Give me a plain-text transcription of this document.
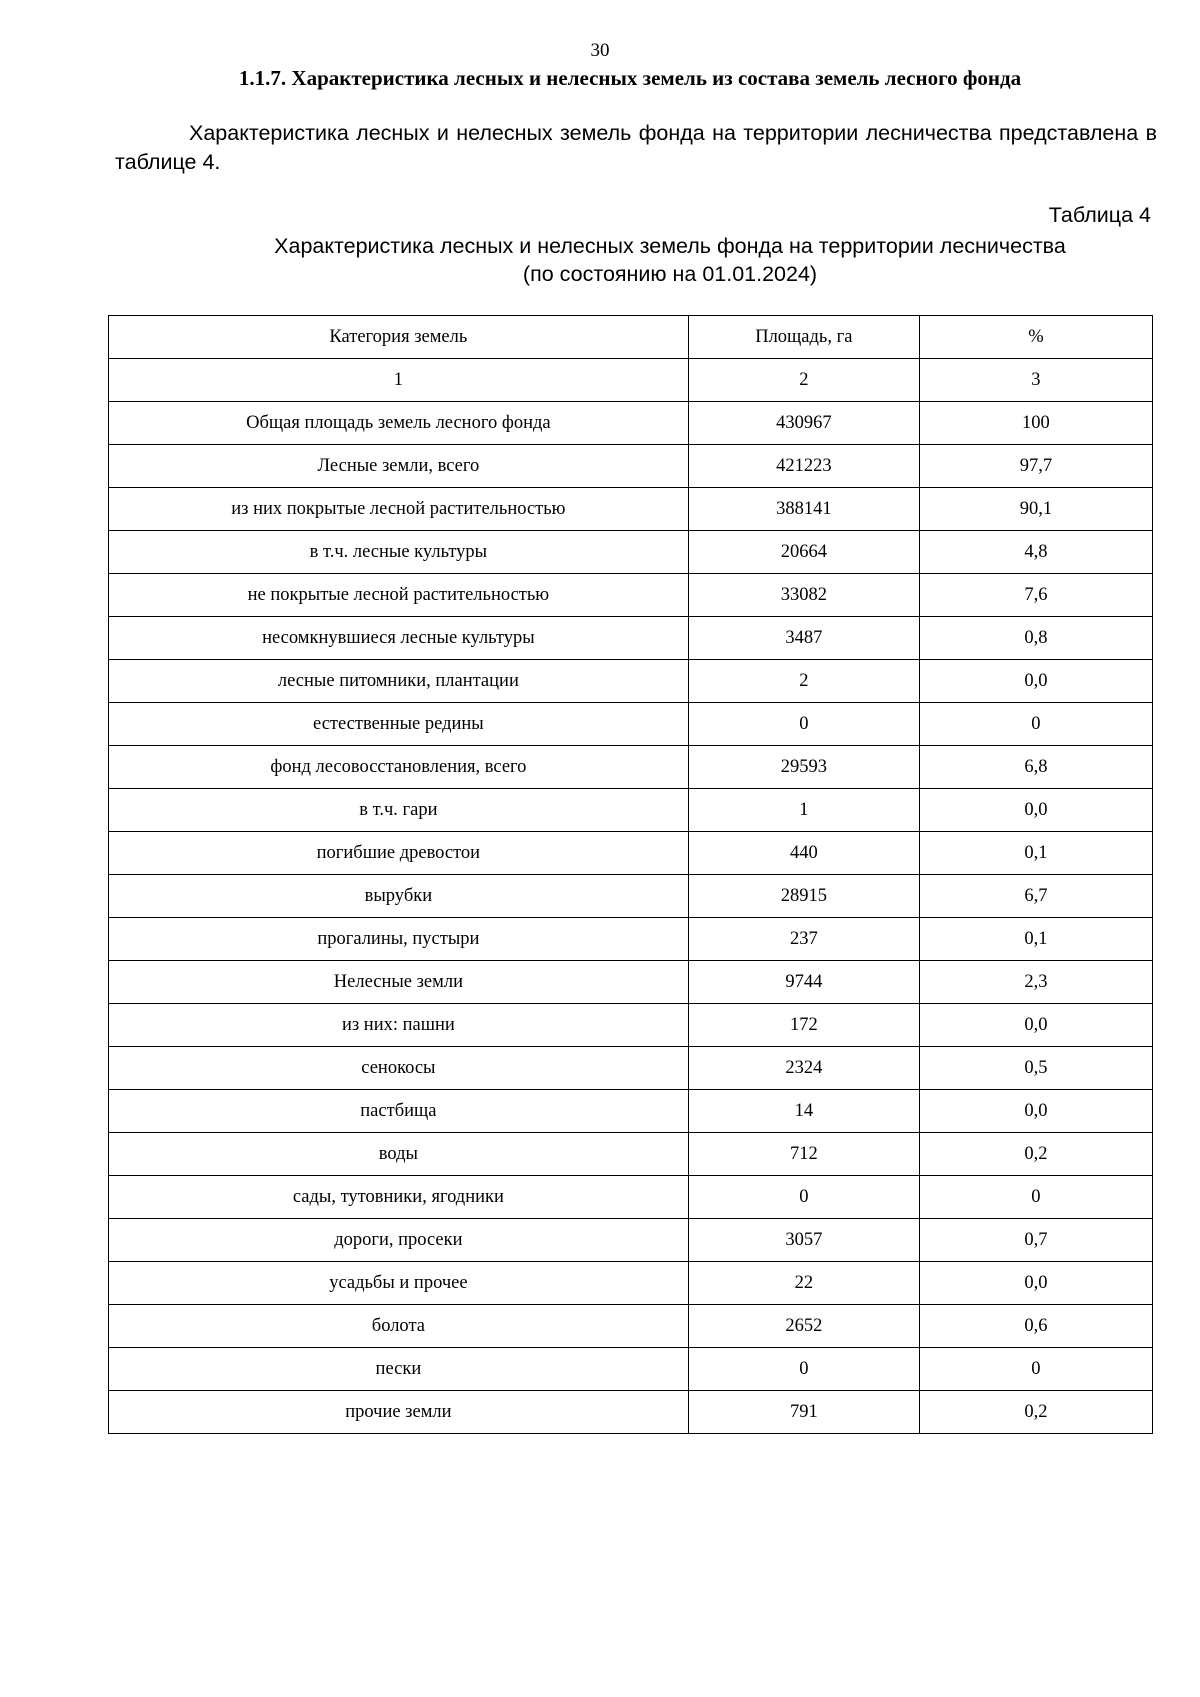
30
1.1.7. Характеристика лесных и нелесных земель из состава земель лесного фонда
Характеристика лесных и нелесных земель фонда на территории лесничества представлена в таблице 4.
Таблица 4
Характеристика лесных и нелесных земель фонда на территории лесничества
(по состоянию на 01.01.2024)
Категория земель	Площадь, га	%
1	2	3
Общая площадь земель лесного фонда	430967	100
Лесные земли, всего	421223	97,7
из них покрытые лесной растительностью	388141	90,1
в т.ч. лесные культуры	20664	4,8
не покрытые лесной растительностью	33082	7,6
несомкнувшиеся лесные культуры	3487	0,8
лесные питомники, плантации	2	0,0
естественные редины	0	0
фонд лесовосстановления, всего	29593	6,8
в т.ч. гари	1	0,0
погибшие древостои	440	0,1
вырубки	28915	6,7
прогалины, пустыри	237	0,1
Нелесные земли	9744	2,3
из них: пашни	172	0,0
сенокосы	2324	0,5
пастбища	14	0,0
воды	712	0,2
сады, тутовники, ягодники	0	0
дороги, просеки	3057	0,7
усадьбы и прочее	22	0,0
болота	2652	0,6
пески	0	0
прочие земли	791	0,2
